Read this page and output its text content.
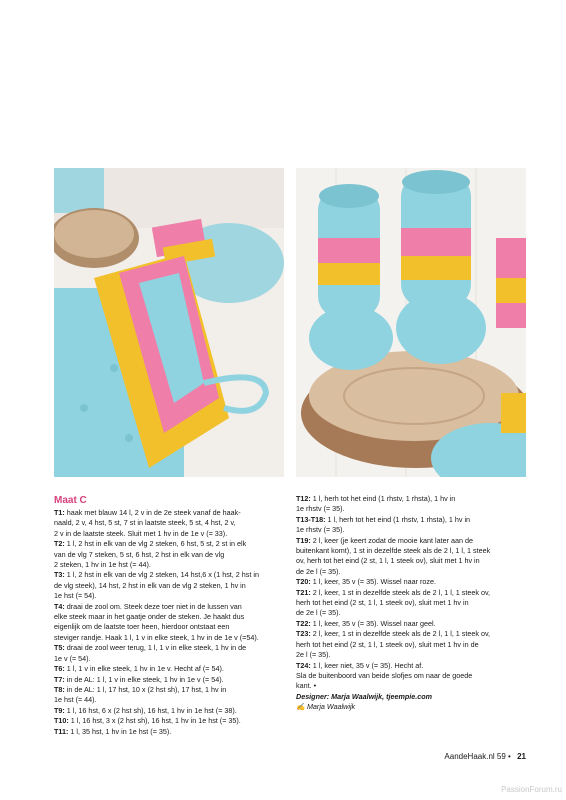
Maat C
T1: haak met blauw 14 l, 2 v in de 2e steek vanaf de haak-
naald, 2 v, 4 hst, 5 st, 7 st in laatste steek, 5 st, 4 hst, 2 v,
2 v in de laatste steek. Sluit met 1 hv in de 1e v (= 33).
T2: 1 l, 2 hst in elk van de vlg 2 steken, 6 hst, 5 st, 2 st in elk
van de vlg 7 steken, 5 st, 6 hst, 2 hst in elk van de vlg
2 steken, 1 hv in 1e hst (= 44).
T3: 1 l, 2 hst in elk van de vlg 2 steken, 14 hst,6 x (1 hst, 2 hst in
de vlg steek), 14 hst, 2 hst in elk van de vlg 2 steken, 1 hv in
1e hst (= 54).
T4: draai de zool om. Steek deze toer niet in de lussen van
elke steek maar in het gaatje onder de steken. Je haakt dus
eigenlijk om de laatste toer heen, hierdoor ontstaat een
steviger randje. Haak 1 l, 1 v in elke steek, 1 hv in de 1e v (=54).
T5: draai de zool weer terug, 1 l, 1 v in elke steek, 1 hv in de
1e v (= 54).
T6: 1 l, 1 v in elke steek, 1 hv in 1e v. Hecht af (= 54).
T7: in de AL: 1 l, 1 v in elke steek, 1 hv in 1e v (= 54).
T8: in de AL: 1 l, 17 hst, 10 x (2 hst sh), 17 hst, 1 hv in
1e hst (= 44).
T9: 1 l, 16 hst, 6 x (2 hst sh), 16 hst, 1 hv in 1e hst (= 38).
T10: 1 l, 16 hst, 3 x (2 hst sh), 16 hst, 1 hv in 1e hst (= 35).
T11: 1 l, 35 hst, 1 hv in 1e hst (= 35).
T12: 1 l, herh tot het eind (1 rhstv, 1 rhsta), 1 hv in
1e rhstv (= 35).
T13-T18: 1 l, herh tot het eind (1 rhstv, 1 rhsta), 1 hv in
1e rhstv (= 35).
T19: 2 l, keer (je keert zodat de mooie kant later aan de
buitenkant komt), 1 st in dezelfde steek als de 2 l, 1 l, 1 steek
ov, herh tot het eind (2 st, 1 l, 1 steek ov), sluit met 1 hv in
de 2e l (= 35).
T20: 1 l, keer, 35 v (= 35). Wissel naar roze.
T21: 2 l, keer, 1 st in dezelfde steek als de 2 l, 1 l, 1 steek ov,
herh tot het eind (2 st, 1 l, 1 steek ov), sluit met 1 hv in
de 2e l (= 35).
T22: 1 l, keer, 35 v (= 35). Wissel naar geel.
T23: 2 l, keer, 1 st in dezelfde steek als de 2 l, 1 l, 1 steek ov,
herh tot het eind (2 st, 1 l, 1 steek ov), sluit met 1 hv in de
2e l (= 35).
T24: 1 l, keer niet, 35 v (= 35). Hecht af.
Sla de buitenboord van beide slofjes om naar de goede
kant. •
Designer: Marja Waalwijk, tjeempie.com
✍ Marja Waalwijk
AandeHaak.nl 59 • 21
PassionForum.ru
